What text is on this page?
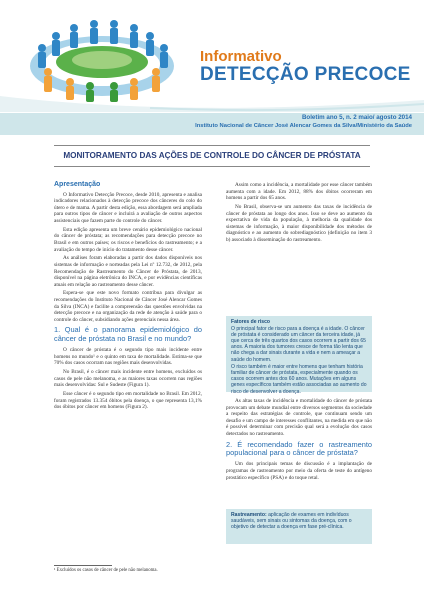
Informativo
DETECÇÃO PRECOCE
Boletim ano 5, n. 2 maio/ agosto 2014
Instituto Nacional de Câncer José Alencar Gomes da Silva/Ministério da Saúde
MONITORAMENTO DAS AÇÕES DE CONTROLE DO CÂNCER DE PRÓSTATA
Apresentação

O Informativo Detecção Precoce, desde 2010, apresenta e analisa indicadores relacionados à detecção precoce dos cânceres do colo do útero e de mama. A partir desta edição, essa abordagem será ampliada para outros tipos de câncer e incluirá a avaliação de outros aspectos assistenciais que fazem parte do controle do câncer.

Esta edição apresenta um breve cenário epidemiológico nacional do câncer de próstata; as recomendações para detecção precoce no Brasil e em outros países; os riscos e benefícios do rastreamento; e a avaliação do tempo de início do tratamento desse câncer.

As análises foram elaboradas a partir dos dados disponíveis nos sistemas de informação e norteadas pela Lei nº 12.732, de 2012, pela Recomendação de Rastreamento do Câncer de Próstata, de 2013, disponível na página eletrônica do INCA, e por evidências científicas atuais em relação ao rastreamento desse câncer.

Espera-se que este novo formato contribua para divulgar as recomendações do Instituto Nacional de Câncer José Alencar Gomes da Silva (INCA) e facilite a compreensão das questões envolvidas na detecção precoce e na organização da rede de atenção à saúde para o controle do câncer, subsidiando ações gerenciais nessa área.

1. Qual é o panorama epidemiológico do câncer de próstata no Brasil e no mundo?

O câncer de próstata é o segundo tipo mais incidente entre homens no mundo¹ e o quinto em taxa de mortalidade. Estima-se que 70% dos casos ocorram nas regiões mais desenvolvidas.

No Brasil, é o câncer mais incidente entre homens, excluídos os casos de pele não melanoma, e as maiores taxas ocorrem nas regiões mais desenvolvidas: Sul e Sudeste (Figura 1).

Esse câncer é o segundo tipo em mortalidade no Brasil. Em 2012, foram registrados 13.354 óbitos pela doença, o que representa 13,1% dos óbitos por câncer em homens (Figura 2).

¹ Excluídos os casos de câncer de pele não melanoma.

Assim como a incidência, a mortalidade por esse câncer também aumenta com a idade. Em 2012, 88% dos óbitos ocorreram em homens a partir dos 65 anos.

No Brasil, observa-se um aumento das taxas de incidência de câncer de próstata ao longo dos anos. Isso se deve ao aumento da expectativa de vida da população, à melhoria da qualidade dos sistemas de informação, à maior disponibilidade dos métodos de diagnóstico e ao aumento do sobrediagnóstico (definição no item 3 b) associado à disseminação do rastreamento.

Fatores de risco

O principal fator de risco para a doença é a idade. O câncer de próstata é considerado um câncer da terceira idade, já que cerca de três quartos dos casos ocorrem a partir dos 65 anos. A maioria dos tumores cresce de forma tão lenta que não chega a dar sinais durante a vida e nem a ameaçar a saúde do homem.

O risco também é maior entre homens que tenham história familiar de câncer de próstata, especialmente quando os casos ocorrem antes dos 60 anos. Mutações em alguns genes específicos também estão associadas ao aumento do risco de desenvolver a doença.

As altas taxas de incidência e mortalidade do câncer de próstata provocam um debate mundial entre diversos segmentos da sociedade a respeito das estratégias de controle, que continuam sendo um desafio e um campo de interesses conflitantes, na medida em que não é possível determinar com precisão qual será a evolução dos casos detectados no rastreamento.

2. É recomendado fazer o rastreamento populacional para o câncer de próstata?

Um dos principais temas de discussão é a implantação de programas de rastreamento por meio da oferta de teste do antígeno prostático específico (PSA) e do toque retal.

Rastreamento: aplicação de exames em indivíduos saudáveis, sem sinais ou sintomas da doença, com o objetivo de detectar a doença em fase pré-clínica.
